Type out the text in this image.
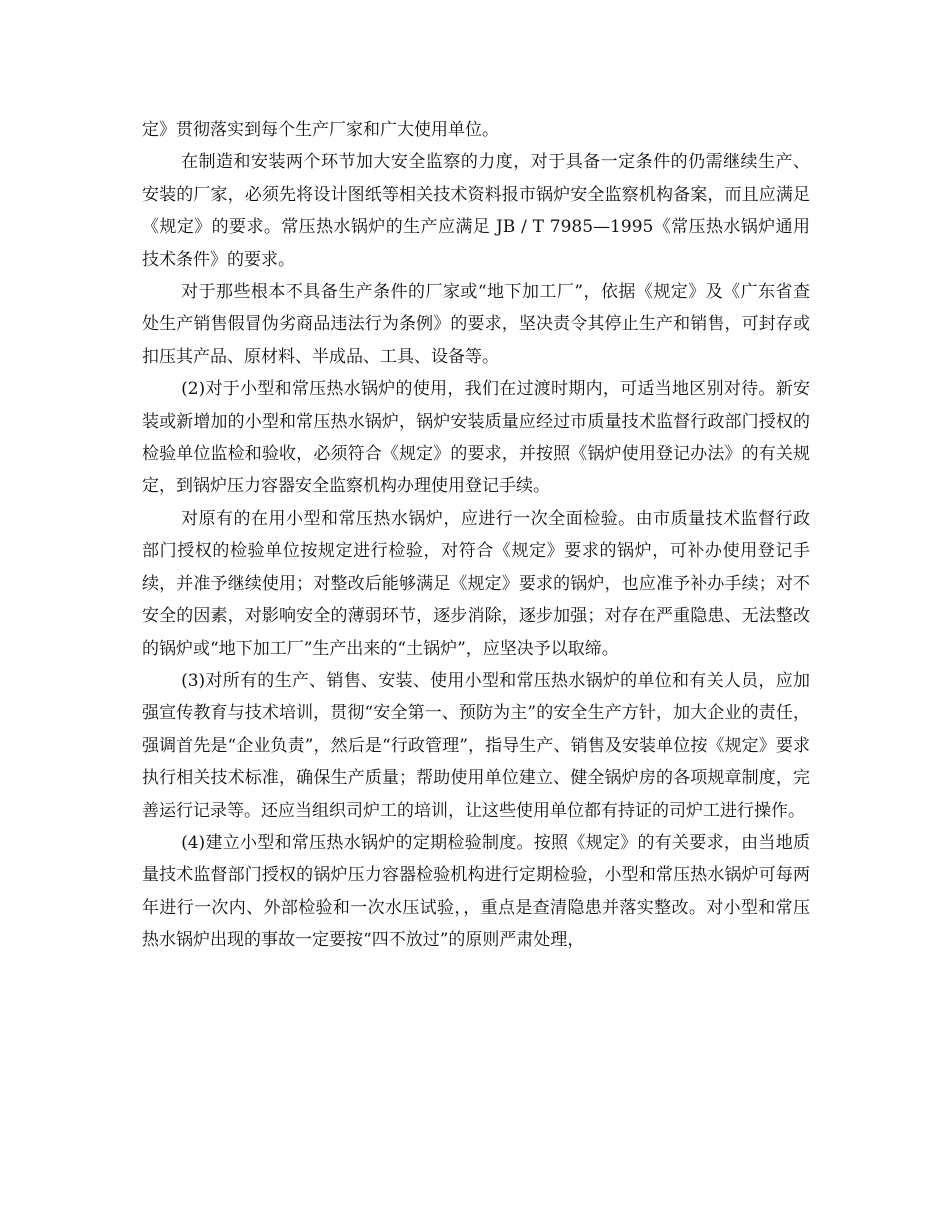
定》贯彻落实到每个生产厂家和广大使用单位。

在制造和安装两个环节加大安全监察的力度，对于具备一定条件的仍需继续生产、安装的厂家，必须先将设计图纸等相关技术资料报市锅炉安全监察机构备案，而且应满足《规定》的要求。常压热水锅炉的生产应满足 JB / T 7985—1995《常压热水锅炉通用技术条件》的要求。

对于那些根本不具备生产条件的厂家或“地下加工厂”，依据《规定》及《广东省查处生产销售假冒伪劣商品违法行为条例》的要求，坚决责令其停止生产和销售，可封存或扣压其产品、原材料、半成品、工具、设备等。

(2)对于小型和常压热水锅炉的使用，我们在过渡时期内，可适当地区别对待。新安装或新增加的小型和常压热水锅炉，锅炉安装质量应经过市质量技术监督行政部门授权的检验单位监检和验收，必须符合《规定》的要求，并按照《锅炉使用登记办法》的有关规定，到锅炉压力容器安全监察机构办理使用登记手续。

对原有的在用小型和常压热水锅炉，应进行一次全面检验。由市质量技术监督行政部门授权的检验单位按规定进行检验，对符合《规定》要求的锅炉，可补办使用登记手续，并准予继续使用；对整改后能够满足《规定》要求的锅炉，也应准予补办手续；对不安全的因素，对影响安全的薄弱环节，逐步消除，逐步加强；对存在严重隐患、无法整改的锅炉或“地下加工厂”生产出来的“土锅炉”，应坚决予以取缔。

(3)对所有的生产、销售、安装、使用小型和常压热水锅炉的单位和有关人员，应加强宣传教育与技术培训，贯彻“安全第一、预防为主”的安全生产方针，加大企业的责任，强调首先是“企业负责”，然后是“行政管理”，指导生产、销售及安装单位按《规定》要求执行相关技术标准，确保生产质量；帮助使用单位建立、健全锅炉房的各项规章制度，完善运行记录等。还应当组织司炉工的培训，让这些使用单位都有持证的司炉工进行操作。

(4)建立小型和常压热水锅炉的定期检验制度。按照《规定》的有关要求，由当地质量技术监督部门授权的锅炉压力容器检验机构进行定期检验，小型和常压热水锅炉可每两年进行一次内、外部检验和一次水压试验，，重点是查清隐患并落实整改。对小型和常压热水锅炉出现的事故一定要按“四不放过”的原则严肃处理，
